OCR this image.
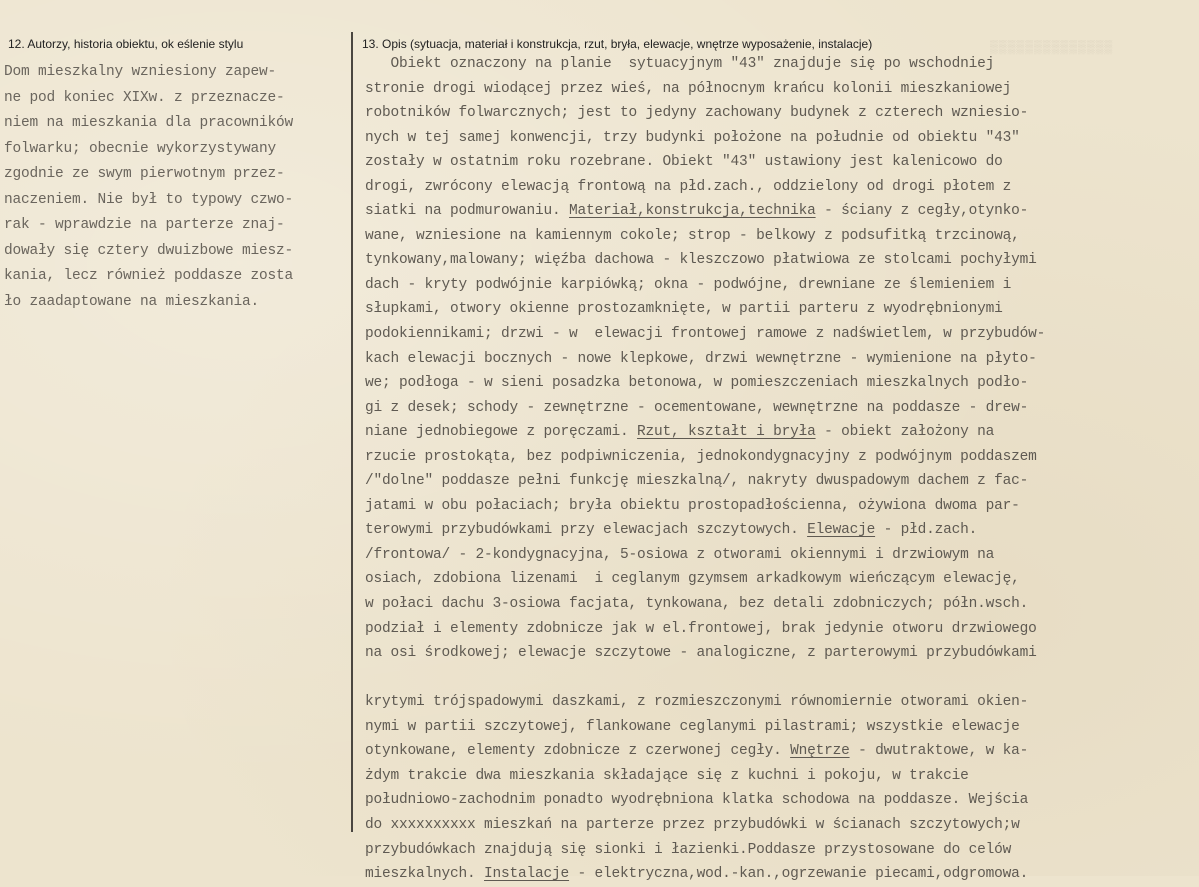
12. Autorzy, historia obiektu, ok eślenie stylu	13. Opis (sytuacja, materiał i konstrukcja, rzut, bryła, elewacje, wnętrze wyposażenie, instalacje)	▒▒▒▒▒▒▒▒▒▒▒▒▒▒
Dom mieszkalny wzniesiony zapew-
ne pod koniec XIXw. z przeznacze-
niem na mieszkania dla pracowników
folwarku; obecnie wykorzystywany
zgodnie ze swym pierwotnym przez-
naczeniem. Nie był to typowy czwo-
rak - wprawdzie na parterze znaj-
dowały się cztery dwuizbowe miesz-
kania, lecz również poddasze zosta
ło zaadaptowane na mieszkania.
Obiekt oznaczony na planie  sytuacyjnym "43" znajduje się po wschodniej
stronie drogi wiodącej przez wieś, na północnym krańcu kolonii mieszkaniowej
robotników folwarcznych; jest to jedyny zachowany budynek z czterech wzniesio-
nych w tej samej konwencji, trzy budynki położone na południe od obiektu "43"
zostały w ostatnim roku rozebrane. Obiekt "43" ustawiony jest kalenicowo do
drogi, zwrócony elewacją frontową na płd.zach., oddzielony od drogi płotem z
siatki na podmurowaniu. Materiał,konstrukcja,technika - ściany z cegły,otynko-
wane, wzniesione na kamiennym cokole; strop - belkowy z podsufitką trzcinową,
tynkowany,malowany; więźba dachowa - kleszczowo płatwiowa ze stolcami pochyłymi
dach - kryty podwójnie karpiówką; okna - podwójne, drewniane ze ślemieniem i
słupkami, otwory okienne prostozamknięte, w partii parteru z wyodrębnionymi
podokiennikami; drzwi - w  elewacji frontowej ramowe z nadświetlem, w przybudów-
kach elewacji bocznych - nowe klepkowe, drzwi wewnętrzne - wymienione na płyto-
we; podłoga - w sieni posadzka betonowa, w pomieszczeniach mieszkalnych podło-
gi z desek; schody - zewnętrzne - ocementowane, wewnętrzne na poddasze - drew-
niane jednobiegowe z poręczami. Rzut, kształt i bryła - obiekt założony na
rzucie prostokąta, bez podpiwniczenia, jednokondygnacyjny z podwójnym poddaszem
/"dolne" poddasze pełni funkcję mieszkalną/, nakryty dwuspadowym dachem z fac-
jatami w obu połaciach; bryła obiektu prostopadłościenna, ożywiona dwoma par-
terowymi przybudówkami przy elewacjach szczytowych. Elewacje - płd.zach.
/frontowa/ - 2-kondygnacyjna, 5-osiowa z otworami okiennymi i drzwiowym na
osiach, zdobiona lizenami  i ceglanym gzymsem arkadkowym wieńczącym elewację,
w połaci dachu 3-osiowa facjata, tynkowana, bez detali zdobniczych; półn.wsch.
podział i elementy zdobnicze jak w el.frontowej, brak jedynie otworu drzwiowego
na osi środkowej; elewacje szczytowe - analogiczne, z parterowymi przybudówkami
krytymi trójspadowymi daszkami, z rozmieszczonymi równomiernie otworami okien-
nymi w partii szczytowej, flankowane ceglanymi pilastrami; wszystkie elewacje
otynkowane, elementy zdobnicze z czerwonej cegły. Wnętrze - dwutraktowe, w ka-
żdym trakcie dwa mieszkania składające się z kuchni i pokoju, w trakcie
południowo-zachodnim ponadto wyodrębniona klatka schodowa na poddasze. Wejścia
do xxxxxxxxxx mieszkań na parterze przez przybudówki w ścianach szczytowych;w
przybudówkach znajdują się sionki i łazienki.Poddasze przystosowane do celów
mieszkalnych. Instalacje - elektryczna,wod.-kan.,ogrzewanie piecami,odgromowa.
